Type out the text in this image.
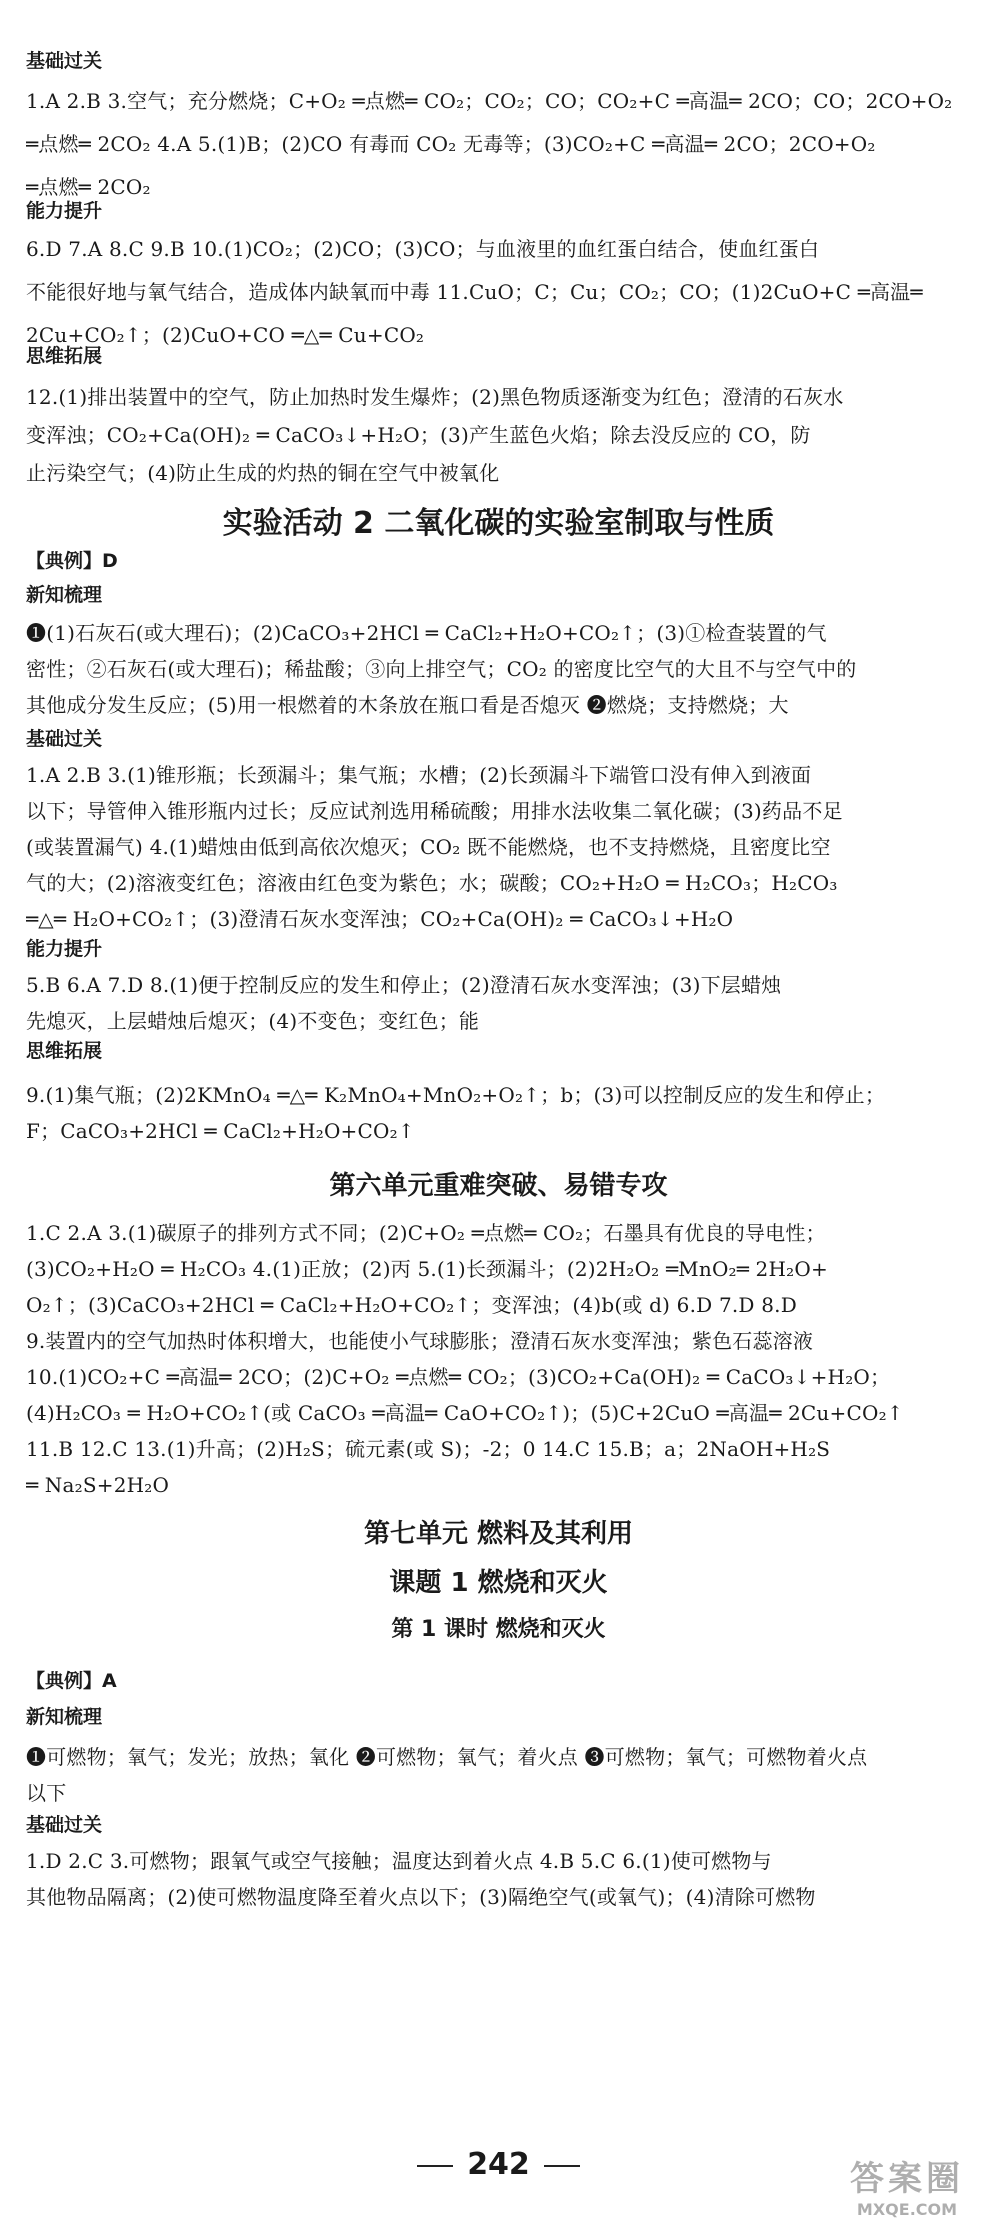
基础过关
1.A 2.B 3.空气；充分燃烧；C+O₂ ═点燃═ CO₂；CO₂；CO；CO₂+C ═高温═ 2CO；CO；2CO+O₂
═点燃═ 2CO₂ 4.A 5.(1)B；(2)CO 有毒而 CO₂ 无毒等；(3)CO₂+C ═高温═ 2CO；2CO+O₂
═点燃═ 2CO₂
能力提升
6.D 7.A 8.C 9.B 10.(1)CO₂；(2)CO；(3)CO；与血液里的血红蛋白结合，使血红蛋白
不能很好地与氧气结合，造成体内缺氧而中毒 11.CuO；C；Cu；CO₂；CO；(1)2CuO+C ═高温═
2Cu+CO₂↑；(2)CuO+CO ═△═ Cu+CO₂
思维拓展
12.(1)排出装置中的空气，防止加热时发生爆炸；(2)黑色物质逐渐变为红色；澄清的石灰水
变浑浊；CO₂+Ca(OH)₂ ═ CaCO₃↓+H₂O；(3)产生蓝色火焰；除去没反应的 CO，防
止污染空气；(4)防止生成的灼热的铜在空气中被氧化
实验活动 2 二氧化碳的实验室制取与性质
【典例】D
新知梳理
❶(1)石灰石(或大理石)；(2)CaCO₃+2HCl ═ CaCl₂+H₂O+CO₂↑；(3)①检查装置的气
密性；②石灰石(或大理石)；稀盐酸；③向上排空气；CO₂ 的密度比空气的大且不与空气中的
其他成分发生反应；(5)用一根燃着的木条放在瓶口看是否熄灭 ❷燃烧；支持燃烧；大
基础过关
1.A 2.B 3.(1)锥形瓶；长颈漏斗；集气瓶；水槽；(2)长颈漏斗下端管口没有伸入到液面
以下；导管伸入锥形瓶内过长；反应试剂选用稀硫酸；用排水法收集二氧化碳；(3)药品不足
(或装置漏气) 4.(1)蜡烛由低到高依次熄灭；CO₂ 既不能燃烧，也不支持燃烧，且密度比空
气的大；(2)溶液变红色；溶液由红色变为紫色；水；碳酸；CO₂+H₂O ═ H₂CO₃；H₂CO₃
═△═ H₂O+CO₂↑；(3)澄清石灰水变浑浊；CO₂+Ca(OH)₂ ═ CaCO₃↓+H₂O
能力提升
5.B 6.A 7.D 8.(1)便于控制反应的发生和停止；(2)澄清石灰水变浑浊；(3)下层蜡烛
先熄灭，上层蜡烛后熄灭；(4)不变色；变红色；能
思维拓展
9.(1)集气瓶；(2)2KMnO₄ ═△═ K₂MnO₄+MnO₂+O₂↑；b；(3)可以控制反应的发生和停止；
F；CaCO₃+2HCl ═ CaCl₂+H₂O+CO₂↑
第六单元重难突破、易错专攻
1.C 2.A 3.(1)碳原子的排列方式不同；(2)C+O₂ ═点燃═ CO₂；石墨具有优良的导电性；
(3)CO₂+H₂O ═ H₂CO₃ 4.(1)正放；(2)丙 5.(1)长颈漏斗；(2)2H₂O₂ ═MnO₂═ 2H₂O+
O₂↑；(3)CaCO₃+2HCl ═ CaCl₂+H₂O+CO₂↑；变浑浊；(4)b(或 d) 6.D 7.D 8.D
9.装置内的空气加热时体积增大，也能使小气球膨胀；澄清石灰水变浑浊；紫色石蕊溶液
10.(1)CO₂+C ═高温═ 2CO；(2)C+O₂ ═点燃═ CO₂；(3)CO₂+Ca(OH)₂ ═ CaCO₃↓+H₂O；
(4)H₂CO₃ ═ H₂O+CO₂↑(或 CaCO₃ ═高温═ CaO+CO₂↑)；(5)C+2CuO ═高温═ 2Cu+CO₂↑
11.B 12.C 13.(1)升高；(2)H₂S；硫元素(或 S)；-2；0 14.C 15.B；a；2NaOH+H₂S
═ Na₂S+2H₂O
第七单元 燃料及其利用
课题 1 燃烧和灭火
第 1 课时 燃烧和灭火
【典例】A
新知梳理
❶可燃物；氧气；发光；放热；氧化 ❷可燃物；氧气；着火点 ❸可燃物；氧气；可燃物着火点
以下
基础过关
1.D 2.C 3.可燃物；跟氧气或空气接触；温度达到着火点 4.B 5.C 6.(1)使可燃物与
其他物品隔离；(2)使可燃物温度降至着火点以下；(3)隔绝空气(或氧气)；(4)清除可燃物
242	答案圈
MXQE.COM
